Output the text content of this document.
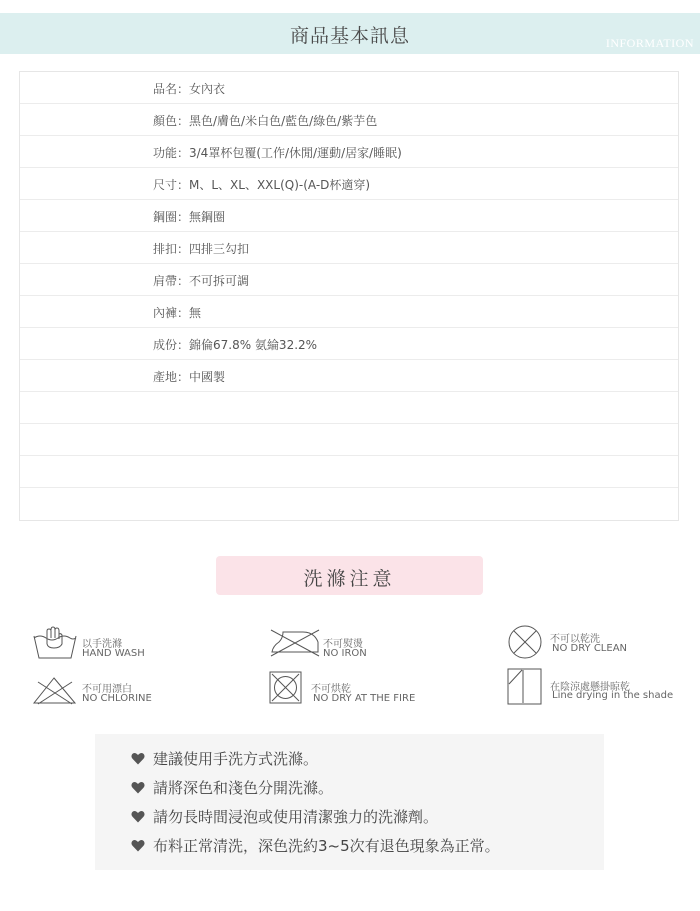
商品基本訊息	INFORMATION
品名：女內衣
顏色：黑色/膚色/米白色/藍色/綠色/紫芋色
功能：3/4罩杯包覆(工作/休閒/運動/居家/睡眠)
尺寸：M、L、XL、XXL(Q)-(A-D杯適穿)
鋼圈：無鋼圈
排扣：四排三勾扣
肩帶：不可拆可調
內褲：無
成份：錦倫67.8% 氨綸32.2%
產地：中國製
洗滌注意
以手洗滌
HAND WASH
不可熨燙
NO IRON
不可以乾洗
NO DRY CLEAN
不可用漂白
NO CHLORINE
不可烘乾
NO DRY AT THE FIRE
在陰涼處懸掛晾乾
Line drying in the shade
建議使用手洗方式洗滌。
請將深色和淺色分開洗滌。
請勿長時間浸泡或使用清潔強力的洗滌劑。
布料正常清洗，深色洗約3~5次有退色現象為正常。
